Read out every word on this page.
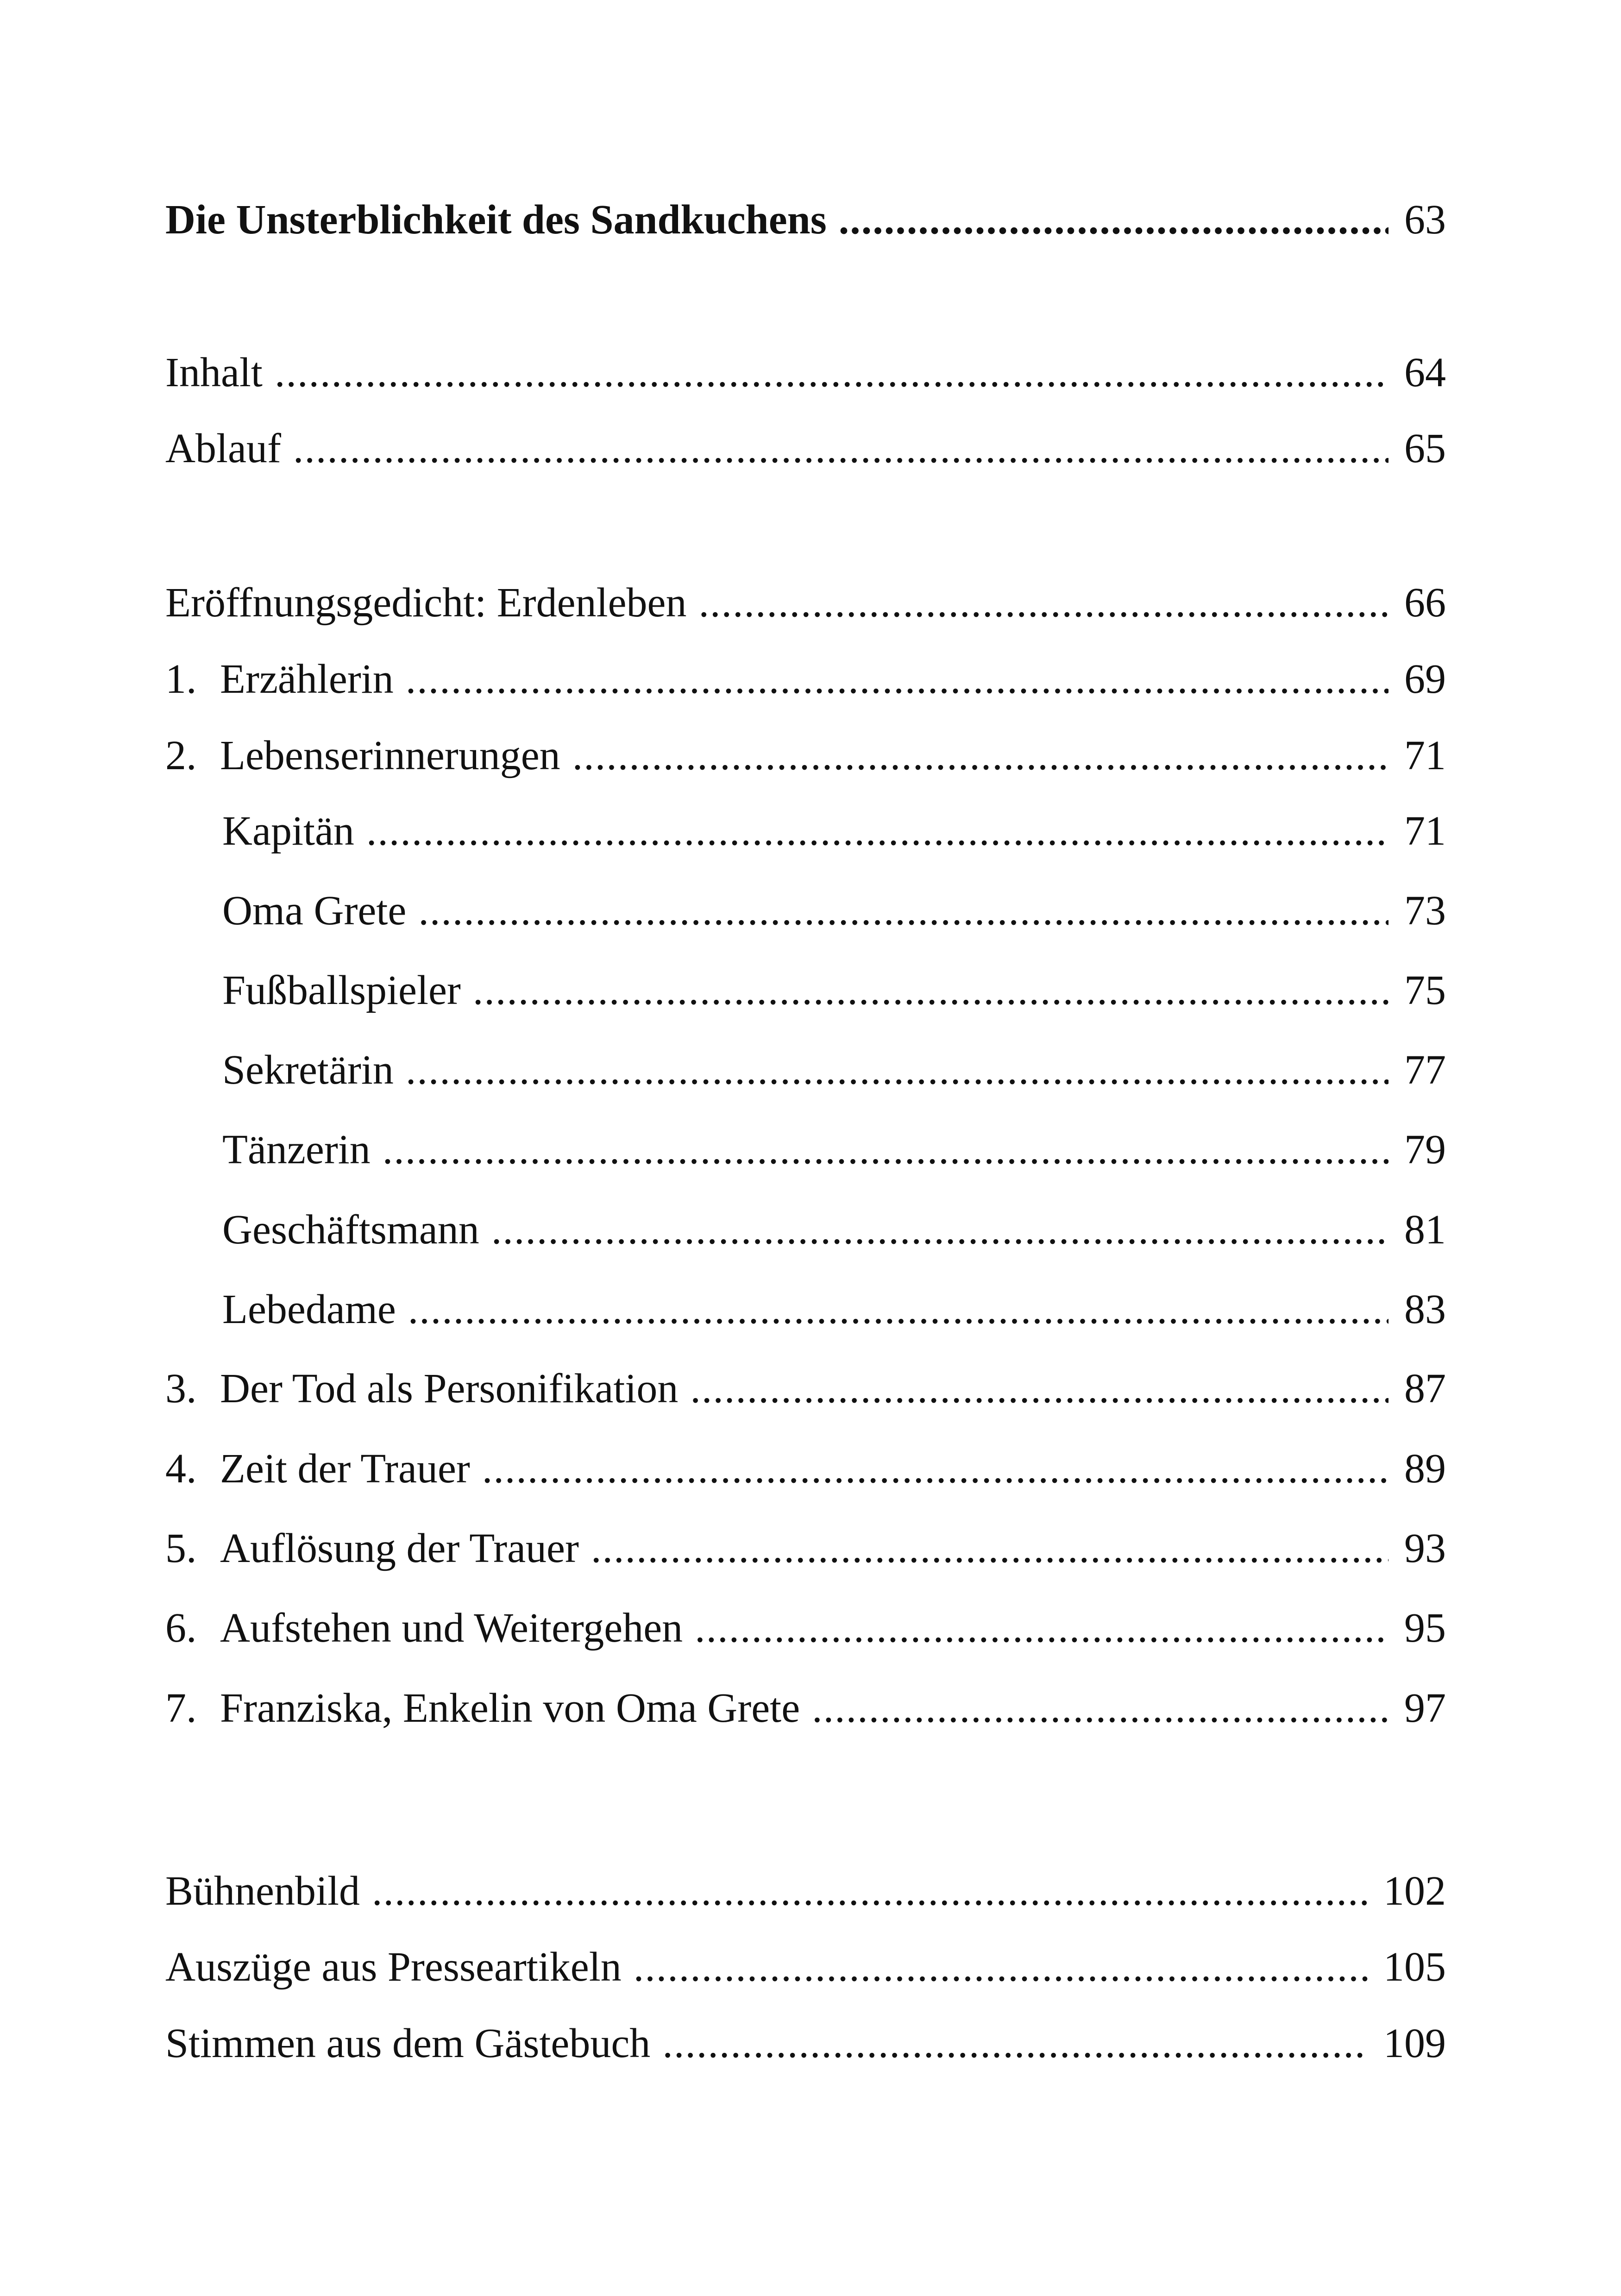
Die Unsterblichkeit des Sandkuchens .....	63
Inhalt .....	64
Ablauf .....	65
Eröffnungsgedicht: Erdenleben .....	66
1. Erzählerin .....	69
2. Lebenserinnerungen .....	71
Kapitän .....	71
Oma Grete .....	73
Fußballspieler .....	75
Sekretärin .....	77
Tänzerin .....	79
Geschäftsmann .....	81
Lebedame .....	83
3. Der Tod als Personifikation .....	87
4. Zeit der Trauer .....	89
5. Auflösung der Trauer .....	93
6. Aufstehen und Weitergehen .....	95
7. Franziska, Enkelin von Oma Grete .....	97
Bühnenbild .....	102
Auszüge aus Presseartikeln .....	105
Stimmen aus dem Gästebuch .....	109
